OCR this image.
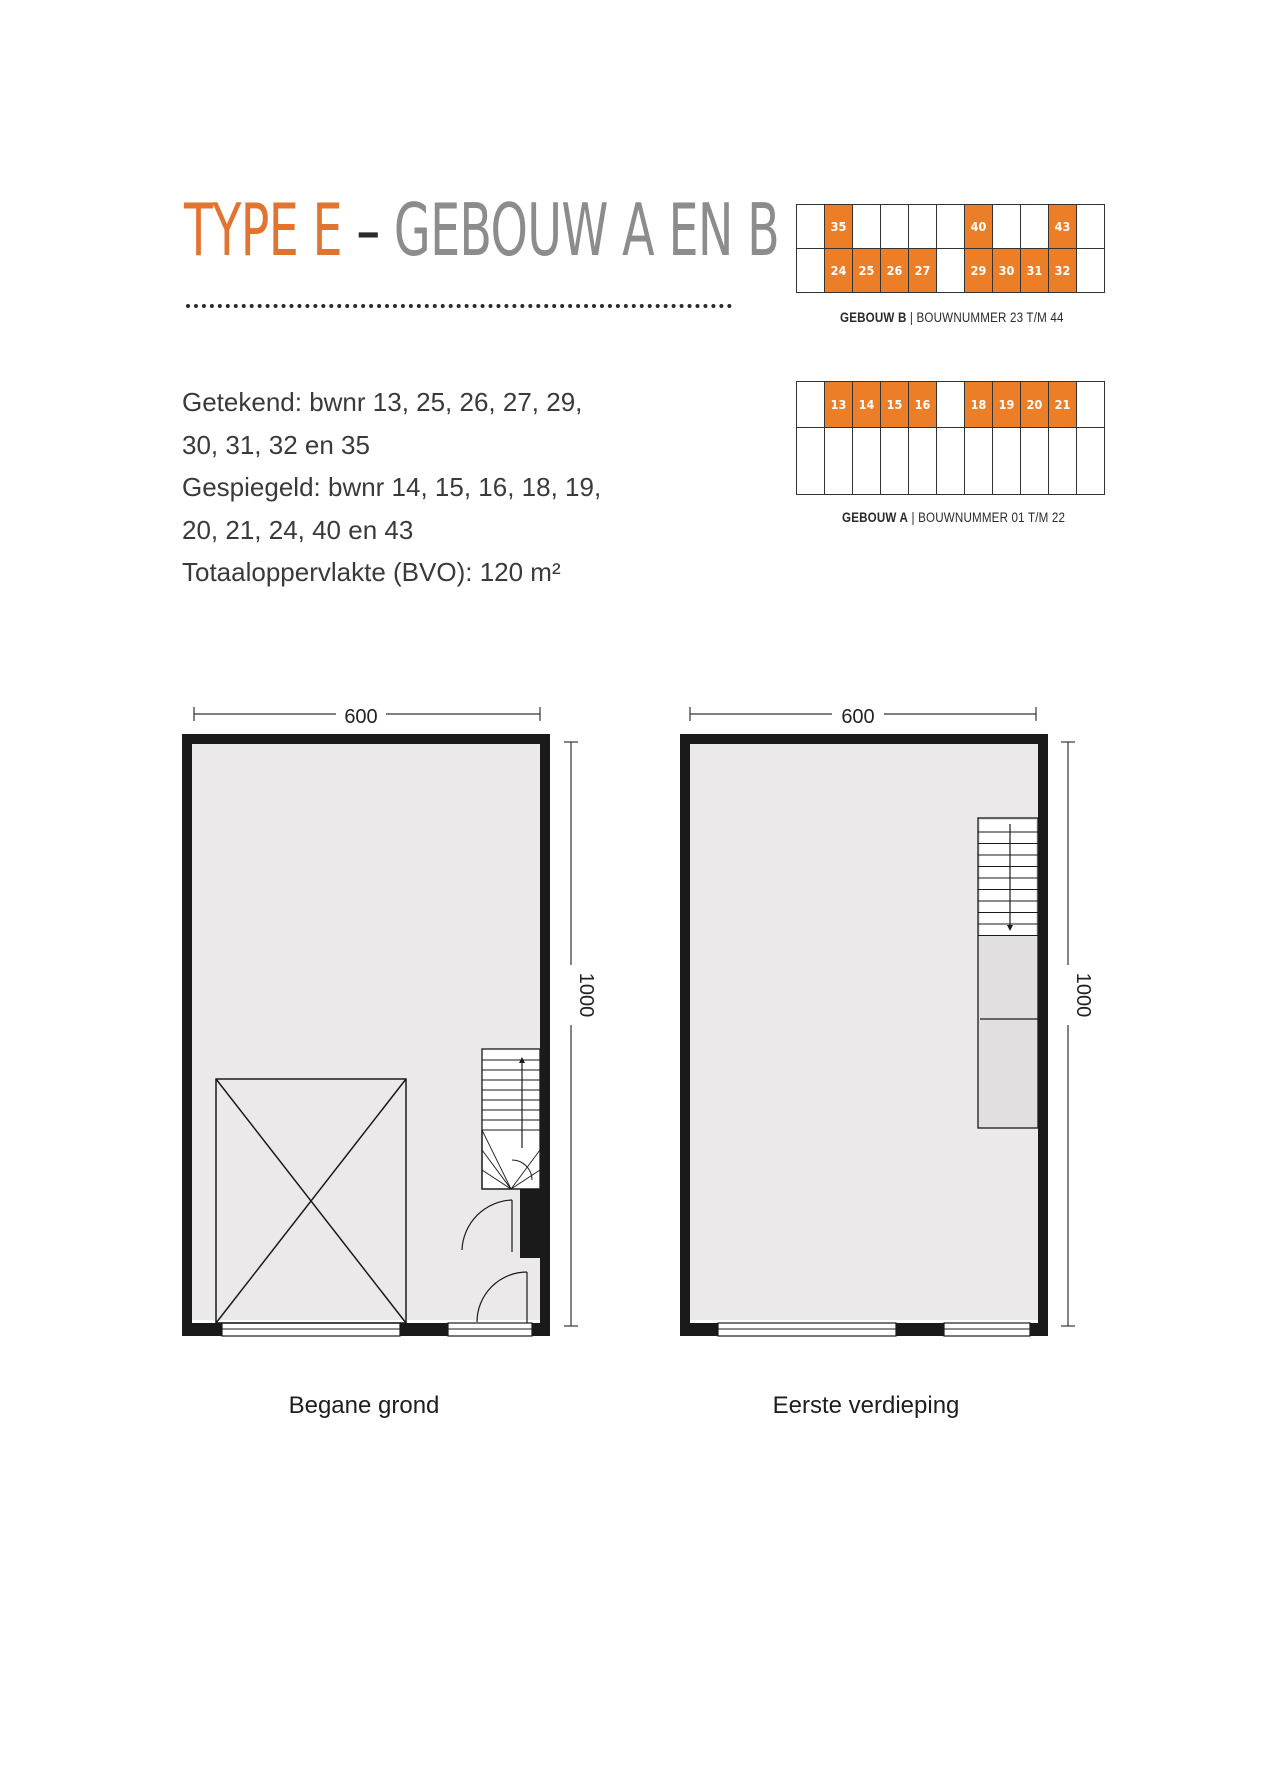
TYPE E – GEBOUW A EN B
Getekend: bwnr 13, 25, 26, 27, 29,
30, 31, 32 en 35
Gespiegeld: bwnr 14, 15, 16, 18, 19,
20, 21, 24, 40 en 43
Totaaloppervlakte (BVO): 120 m²
35	40	43
24 25 26 27	29 30 31 32
GEBOUW B | BOUWNUMMER 23 T/M 44
13 14 15 16	18 19 20 21
GEBOUW A | BOUWNUMMER 01 T/M 22
600
1000
600
1000
Begane grond	Eerste verdieping
